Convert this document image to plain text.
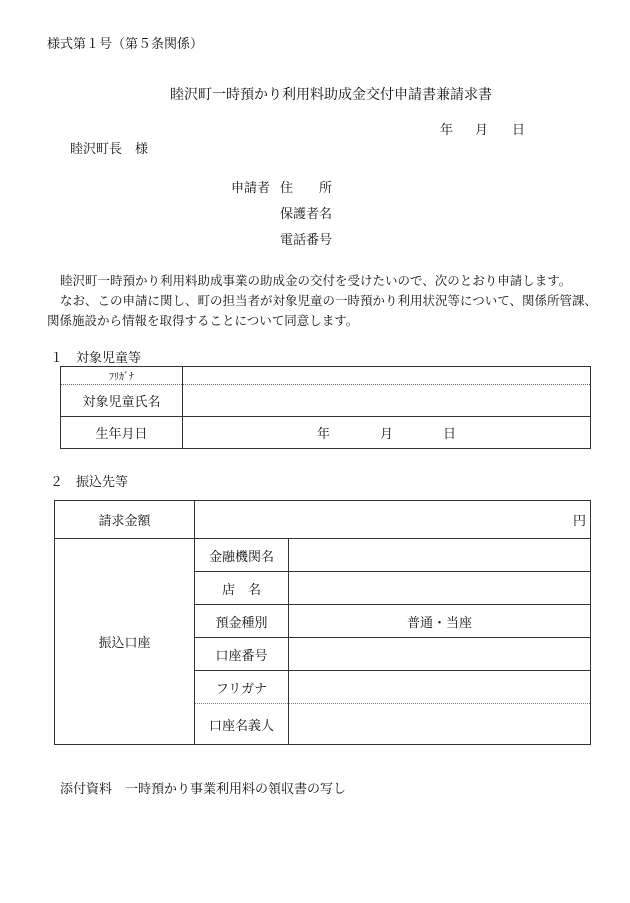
様式第１号（第５条関係）
睦沢町一時預かり利用料助成金交付申請書兼請求書
年 月 日
睦沢町長　様
申請者 住　　所
保護者名
電話番号
睦沢町一時預かり利用料助成事業の助成金の交付を受けたいので、次のとおり申請します。
なお、この申請に関し、町の担当者が対象児童の一時預かり利用状況等について、関係所管課、
関係施設から情報を取得することについて同意します。
１　対象児童等
ﾌﾘｶﾞﾅ	
対象児童氏名	
生年月日	年 月 日
２　振込先等
請求金額	円	
振込口座	金融機関名	
	店　名	
	預金種別	普通・当座
	口座番号	
	フリガナ	
	口座名義人	
添付資料　一時預かり事業利用料の領収書の写し
